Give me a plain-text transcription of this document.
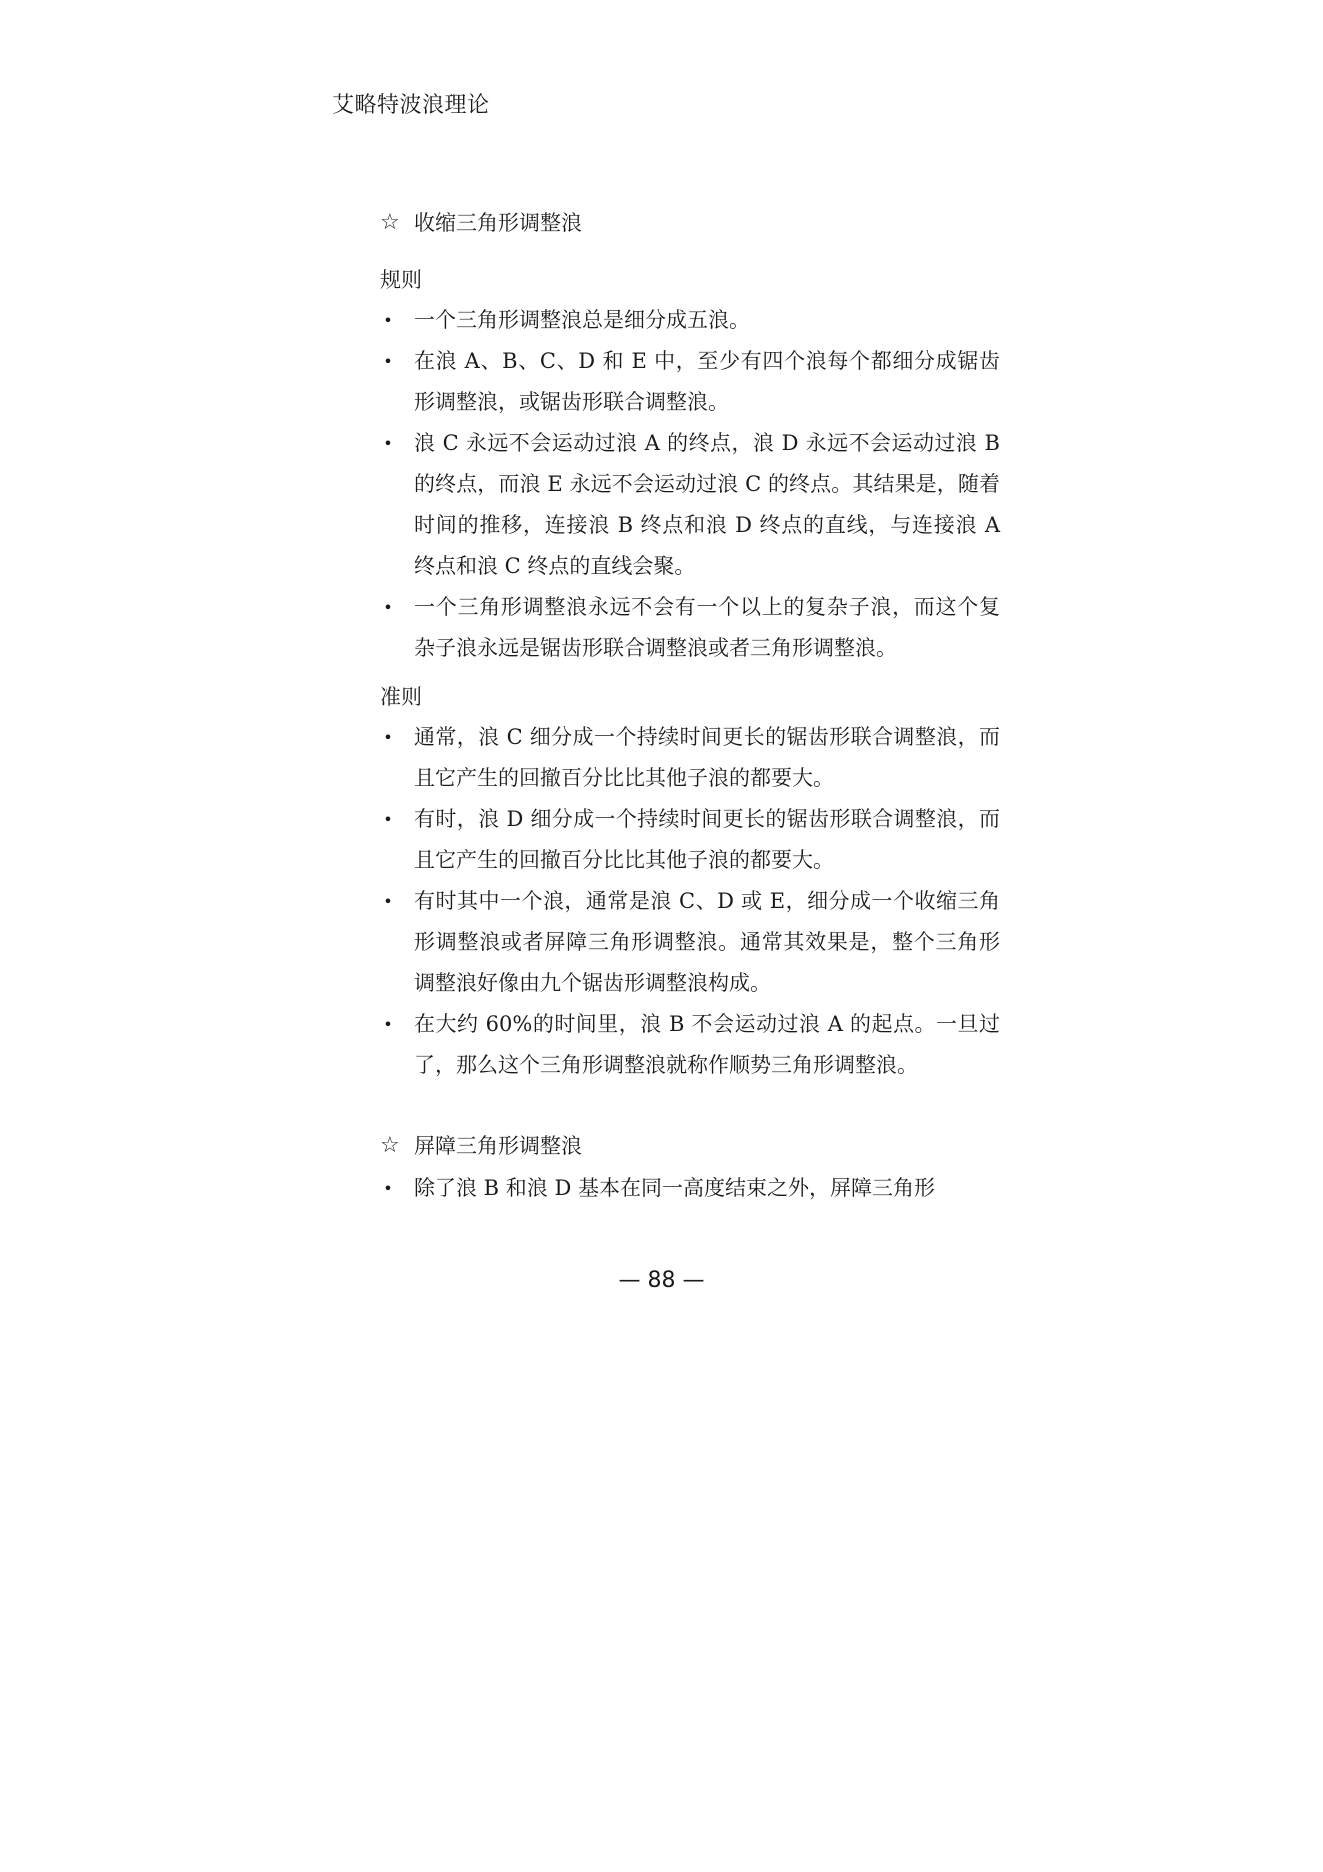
艾略特波浪理论
☆ 收缩三角形调整浪
规则
• 一个三角形调整浪总是细分成五浪。
• 在浪 A、B、C、D 和 E 中，至少有四个浪每个都细分成锯齿形调整浪，或锯齿形联合调整浪。
• 浪 C 永远不会运动过浪 A 的终点，浪 D 永远不会运动过浪 B 的终点，而浪 E 永远不会运动过浪 C 的终点。其结果是，随着时间的推移，连接浪 B 终点和浪 D 终点的直线，与连接浪 A 终点和浪 C 终点的直线会聚。
• 一个三角形调整浪永远不会有一个以上的复杂子浪，而这个复杂子浪永远是锯齿形联合调整浪或者三角形调整浪。
准则
• 通常，浪 C 细分成一个持续时间更长的锯齿形联合调整浪，而且它产生的回撤百分比比其他子浪的都要大。
• 有时，浪 D 细分成一个持续时间更长的锯齿形联合调整浪，而且它产生的回撤百分比比其他子浪的都要大。
• 有时其中一个浪，通常是浪 C、D 或 E，细分成一个收缩三角形调整浪或者屏障三角形调整浪。通常其效果是，整个三角形调整浪好像由九个锯齿形调整浪构成。
• 在大约 60%的时间里，浪 B 不会运动过浪 A 的起点。一旦过了，那么这个三角形调整浪就称作顺势三角形调整浪。
☆ 屏障三角形调整浪
• 除了浪 B 和浪 D 基本在同一高度结束之外，屏障三角形
— 88 —
